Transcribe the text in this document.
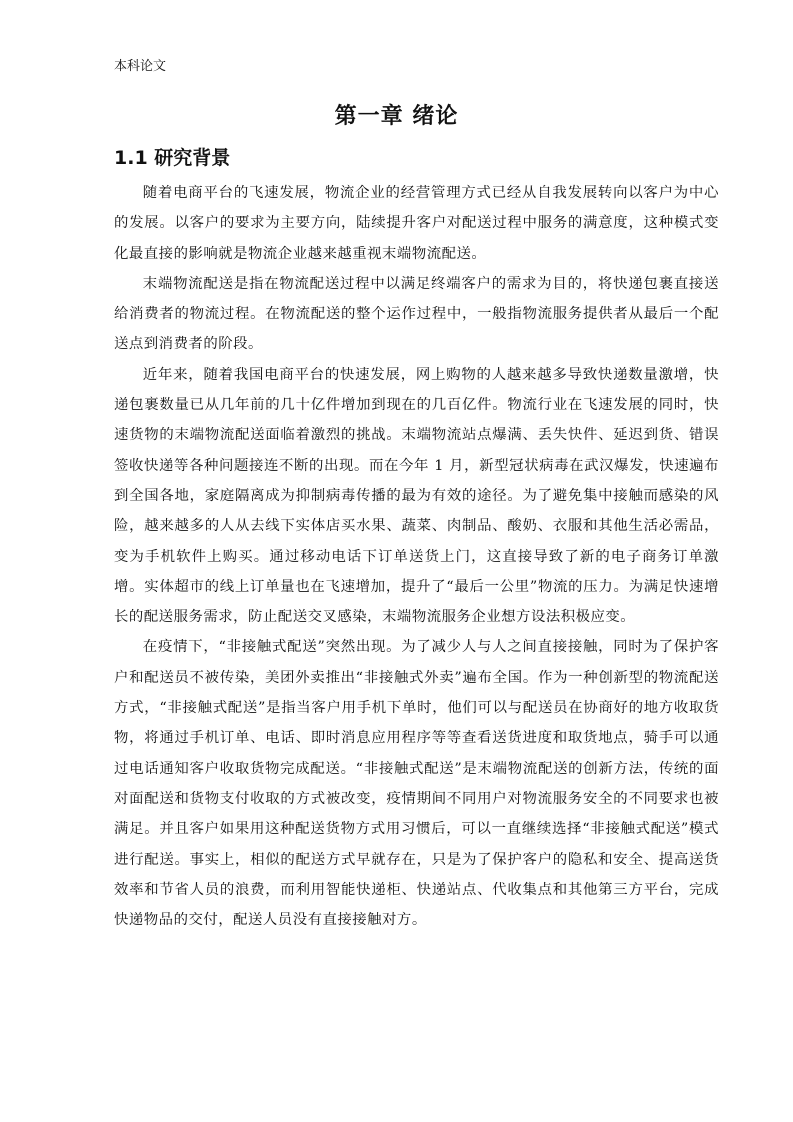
本科论文
第一章 绪论
1.1 研究背景

随着电商平台的飞速发展，物流企业的经营管理方式已经从自我发展转向以客户为中心的发展。以客户的要求为主要方向，陆续提升客户对配送过程中服务的满意度，这种模式变化最直接的影响就是物流企业越来越重视末端物流配送。

末端物流配送是指在物流配送过程中以满足终端客户的需求为目的，将快递包裹直接送给消费者的物流过程。在物流配送的整个运作过程中，一般指物流服务提供者从最后一个配送点到消费者的阶段。

近年来，随着我国电商平台的快速发展，网上购物的人越来越多导致快递数量激增，快递包裹数量已从几年前的几十亿件增加到现在的几百亿件。物流行业在飞速发展的同时，快速货物的末端物流配送面临着激烈的挑战。末端物流站点爆满、丢失快件、延迟到货、错误签收快递等各种问题接连不断的出现。而在今年 1 月，新型冠状病毒在武汉爆发，快速遍布到全国各地，家庭隔离成为抑制病毒传播的最为有效的途径。为了避免集中接触而感染的风险，越来越多的人从去线下实体店买水果、蔬菜、肉制品、酸奶、衣服和其他生活必需品，变为手机软件上购买。通过移动电话下订单送货上门，这直接导致了新的电子商务订单激增。实体超市的线上订单量也在飞速增加，提升了“最后一公里”物流的压力。为满足快速增长的配送服务需求，防止配送交叉感染，末端物流服务企业想方设法积极应变。

在疫情下，“非接触式配送”突然出现。为了减少人与人之间直接接触，同时为了保护客户和配送员不被传染，美团外卖推出“非接触式外卖”遍布全国。作为一种创新型的物流配送方式，“非接触式配送”是指当客户用手机下单时，他们可以与配送员在协商好的地方收取货物，将通过手机订单、电话、即时消息应用程序等等查看送货进度和取货地点，骑手可以通过电话通知客户收取货物完成配送。“非接触式配送”是末端物流配送的创新方法，传统的面对面配送和货物支付收取的方式被改变，疫情期间不同用户对物流服务安全的不同要求也被满足。并且客户如果用这种配送货物方式用习惯后，可以一直继续选择“非接触式配送”模式进行配送。事实上，相似的配送方式早就存在，只是为了保护客户的隐私和安全、提高送货效率和节省人员的浪费，而利用智能快递柜、快递站点、代收集点和其他第三方平台，完成快递物品的交付，配送人员没有直接接触对方。
